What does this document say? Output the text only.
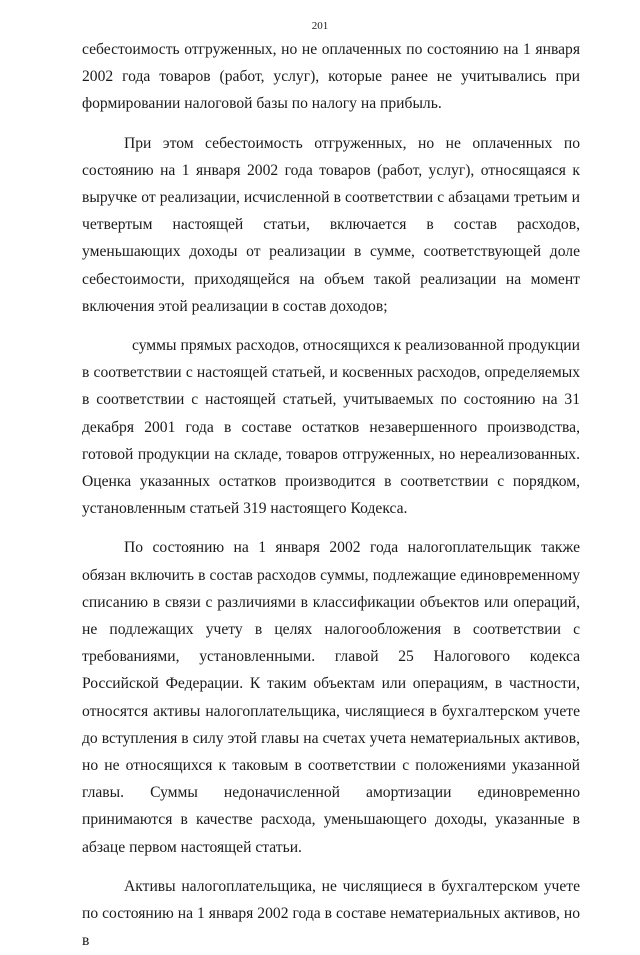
201

себестоимость отгруженных, но не оплаченных по состоянию на 1 января 2002 года товаров (работ, услуг), которые ранее не учитывались при формировании налоговой базы по налогу на прибыль.

При этом себестоимость отгруженных, но не оплаченных по состоянию на 1 января 2002 года товаров (работ, услуг), относящаяся к выручке от реализации, исчисленной в соответствии с абзацами третьим и четвертым настоящей статьи, включается в состав расходов, уменьшающих доходы от реализации в сумме, соответствующей доле себестоимости, приходящейся на объем такой реализации на момент включения этой реализации в состав доходов;

суммы прямых расходов, относящихся к реализованной продукции в соответствии с настоящей статьей, и косвенных расходов, определяемых в соответствии с настоящей статьей, учитываемых по состоянию на 31 декабря 2001 года в составе остатков незавершенного производства, готовой продукции на складе, товаров отгруженных, но нереализованных. Оценка указанных остатков производится в соответствии с порядком, установленным статьей 319 настоящего Кодекса.

По состоянию на 1 января 2002 года налогоплательщик также обязан включить в состав расходов суммы, подлежащие единовременному списанию в связи с различиями в классификации объектов или операций, не подлежащих учету в целях налогообложения в соответствии с требованиями, установленными. главой 25 Налогового кодекса Российской Федерации. К таким объектам или операциям, в частности, относятся активы налогоплательщика, числящиеся в бухгалтерском учете до вступления в силу этой главы на счетах учета нематериальных активов, но не относящихся к таковым в соответствии с положениями указанной главы. Суммы недоначисленной амортизации единовременно принимаются в качестве расхода, уменьшающего доходы, указанные в абзаце первом настоящей статьи.

Активы налогоплательщика, не числящиеся в бухгалтерском учете по состоянию на 1 января 2002 года в составе нематериальных активов, но в
